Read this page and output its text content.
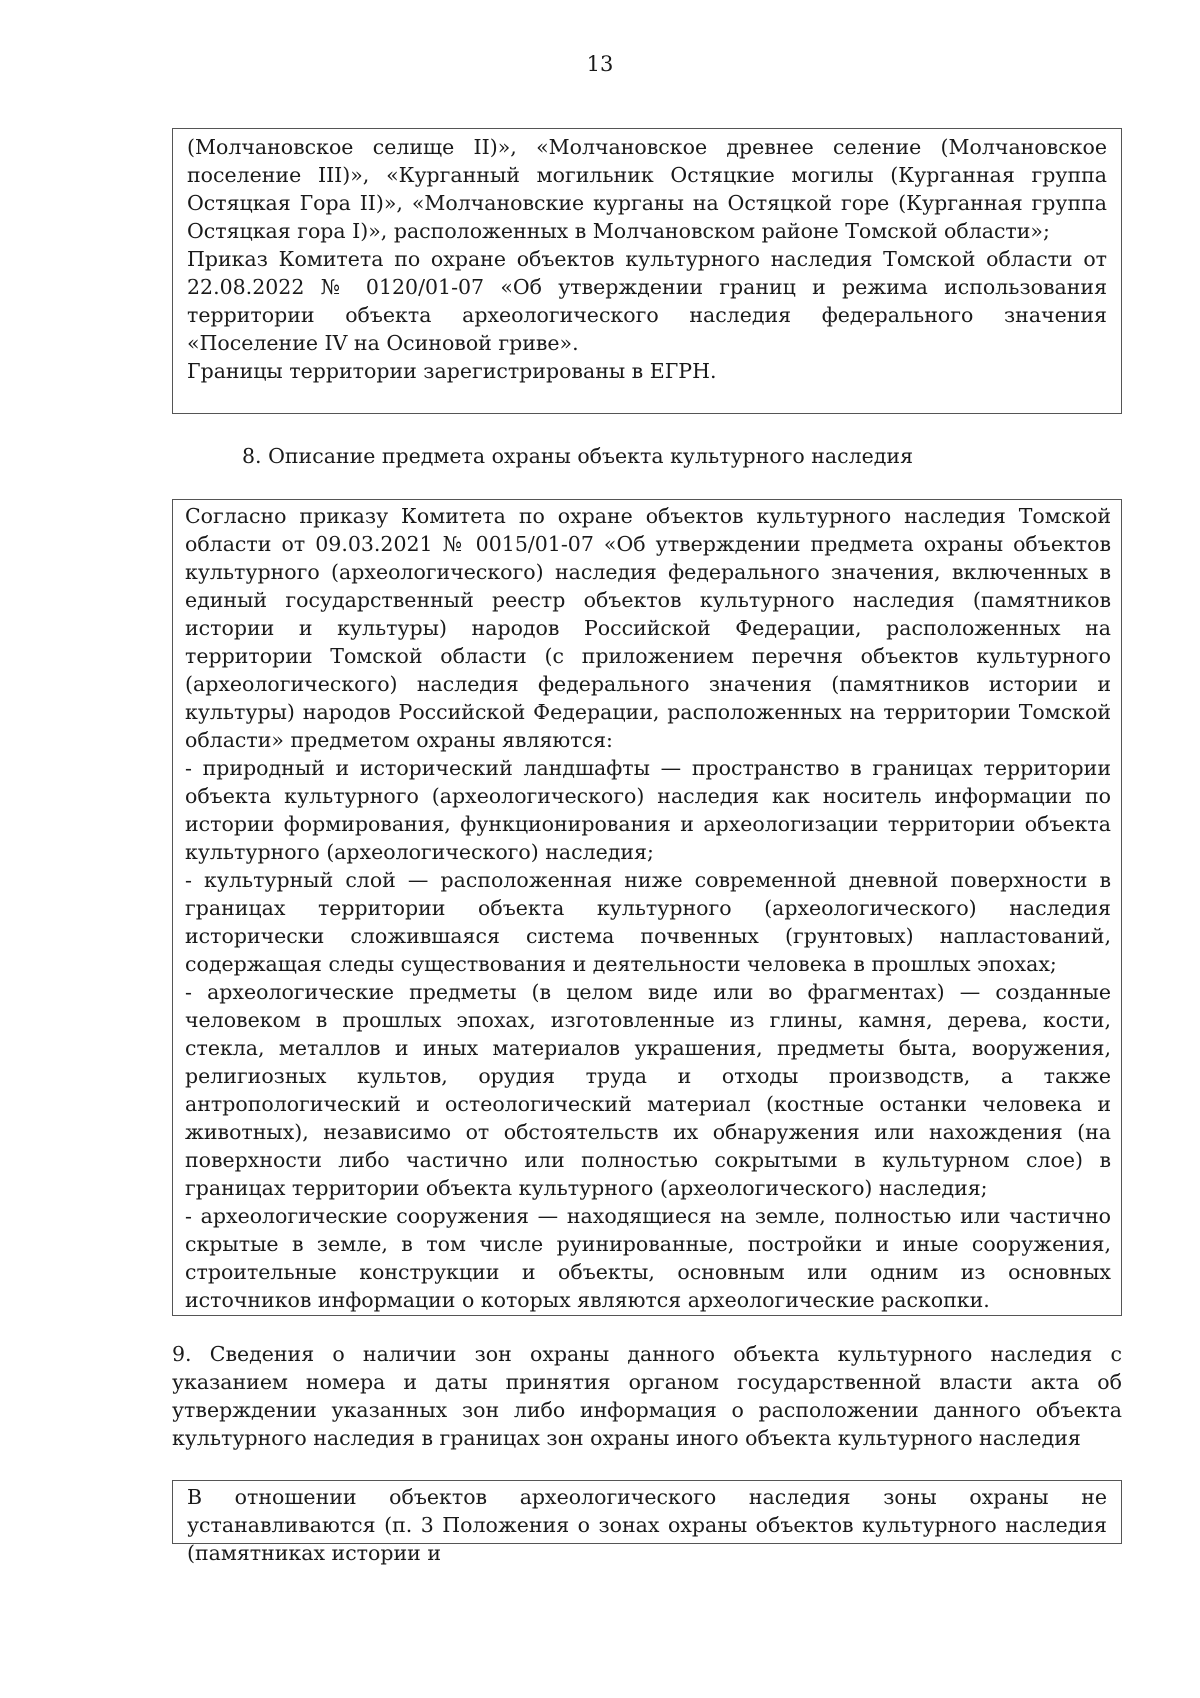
13

(Молчановское селище II)», «Молчановское древнее селение (Молчановское поселение III)», «Курганный могильник Остяцкие могилы (Курганная группа Остяцкая Гора II)», «Молчановские курганы на Остяцкой горе (Курганная группа Остяцкая гора I)», расположенных в Молчановском районе Томской области»;

Приказ Комитета по охране объектов культурного наследия Томской области от 22.08.2022 № 0120/01-07 «Об утверждении границ и режима использования территории объекта археологического наследия федерального значения «Поселение IV на Осиновой гриве».

Границы территории зарегистрированы в ЕГРН.

8. Описание предмета охраны объекта культурного наследия

Согласно приказу Комитета по охране объектов культурного наследия Томской области от 09.03.2021 № 0015/01-07 «Об утверждении предмета охраны объектов культурного (археологического) наследия федерального значения, включенных в единый государственный реестр объектов культурного наследия (памятников истории и культуры) народов Российской Федерации, расположенных на территории Томской области (с приложением перечня объектов культурного (археологического) наследия федерального значения (памятников истории и культуры) народов Российской Федерации, расположенных на территории Томской области» предметом охраны являются:

- природный и исторический ландшафты — пространство в границах территории объекта культурного (археологического) наследия как носитель информации по истории формирования, функционирования и археологизации территории объекта культурного (археологического) наследия;

- культурный слой — расположенная ниже современной дневной поверхности в границах территории объекта культурного (археологического) наследия исторически сложившаяся система почвенных (грунтовых) напластований, содержащая следы существования и деятельности человека в прошлых эпохах;

- археологические предметы (в целом виде или во фрагментах) — созданные человеком в прошлых эпохах, изготовленные из глины, камня, дерева, кости, стекла, металлов и иных материалов украшения, предметы быта, вооружения, религиозных культов, орудия труда и отходы производств, а также антропологический и остеологический материал (костные останки человека и животных), независимо от обстоятельств их обнаружения или нахождения (на поверхности либо частично или полностью сокрытыми в культурном слое) в границах территории объекта культурного (археологического) наследия;

- археологические сооружения — находящиеся на земле, полностью или частично скрытые в земле, в том числе руинированные, постройки и иные сооружения, строительные конструкции и объекты, основным или одним из основных источников информации о которых являются археологические раскопки.

9. Сведения о наличии зон охраны данного объекта культурного наследия с указанием номера и даты принятия органом государственной власти акта об утверждении указанных зон либо информация о расположении данного объекта культурного наследия в границах зон охраны иного объекта культурного наследия

В отношении объектов археологического наследия зоны охраны не устанавливаются (п. 3 Положения о зонах охраны объектов культурного наследия (памятниках истории и
